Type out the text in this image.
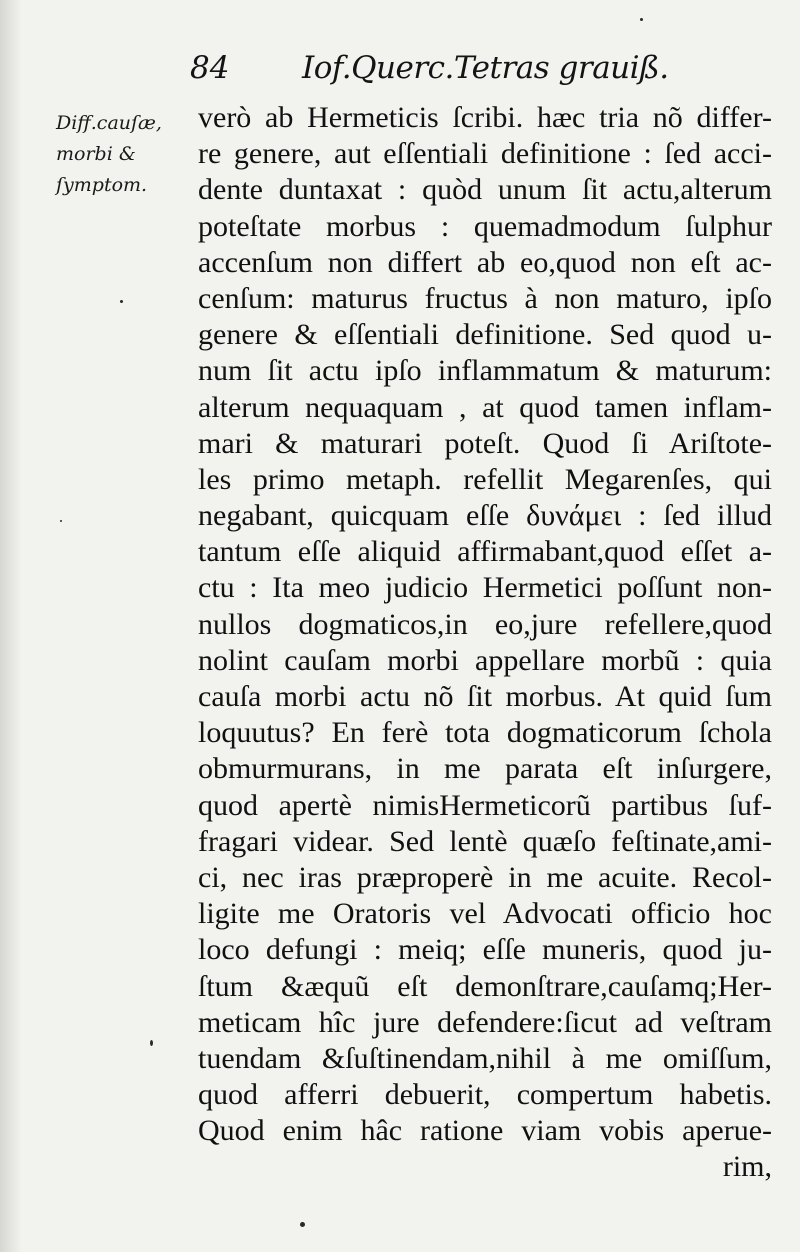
84 Iof.Querc.Tetras grauiß.
Diff.cauſæ,
morbi &
ſymptom.
verò ab Hermeticis ſcribi. hæc tria nõ differ-
re genere, aut eſſentiali definitione : ſed acci-
dente duntaxat : quòd unum ſit actu,alterum
poteſtate morbus : quemadmodum ſulphur
accenſum non differt ab eo,quod non eſt ac-
cenſum: maturus fructus à non maturo, ipſo
genere & eſſentiali definitione. Sed quod u-
num ſit actu ipſo inflammatum & maturum:
alterum nequaquam , at quod tamen inflam-
mari & maturari poteſt. Quod ſi Ariſtote-
les primo metaph. refellit Megarenſes, qui
negabant, quicquam eſſe δυνάμει : ſed illud
tantum eſſe aliquid affirmabant,quod eſſet a-
ctu : Ita meo judicio Hermetici poſſunt non-
nullos dogmaticos,in eo,jure refellere,quod
nolint cauſam morbi appellare morbũ : quia
cauſa morbi actu nõ ſit morbus. At quid ſum
loquutus? En ferè tota dogmaticorum ſchola
obmurmurans, in me parata eſt inſurgere,
quod apertè nimisHermeticorũ partibus ſuf-
fragari videar. Sed lentè quæſo feſtinate,ami-
ci, nec iras præproperè in me acuite. Recol-
ligite me Oratoris vel Advocati officio hoc
loco defungi : meiq; eſſe muneris, quod ju-
ſtum &æquũ eſt demonſtrare,cauſamq;Her-
meticam hîc jure defendere:ſicut ad veſtram
tuendam &ſuſtinendam,nihil à me omiſſum,
quod afferri debuerit, compertum habetis.
Quod enim hâc ratione viam vobis aperue-
rim,
